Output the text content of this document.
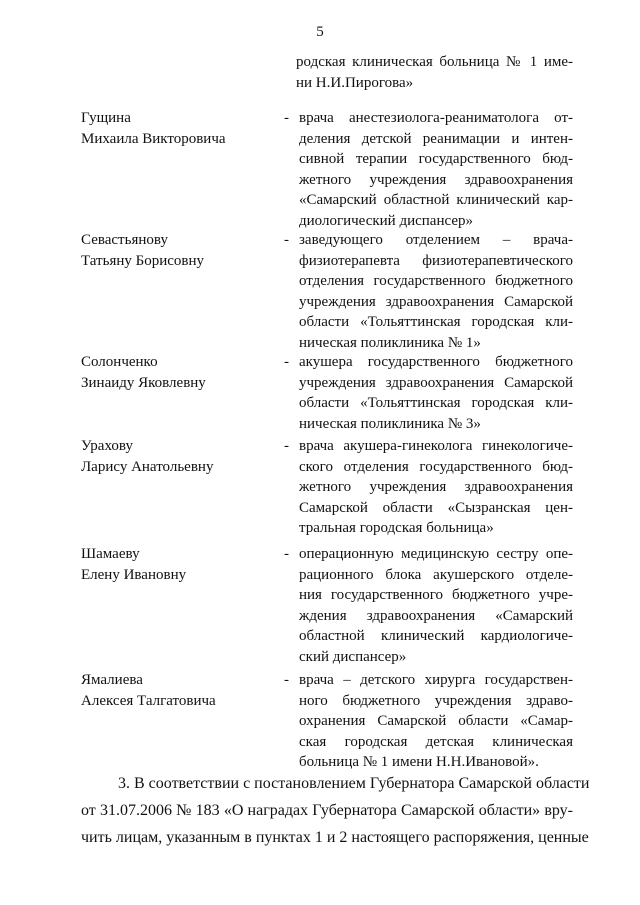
5
родская клиническая больница № 1 име-
ни Н.И.Пирогова»
Гущина
Михаила Викторовича
- врача анестезиолога-реаниматолога от-
деления детской реанимации и интен-
сивной терапии государственного бюд-
жетного учреждения здравоохранения
«Самарский областной клинический кар-
диологический диспансер»
Севастьянову
Татьяну Борисовну
- заведующего отделением – врача-
физиотерапевта физиотерапевтического
отделения государственного бюджетного
учреждения здравоохранения Самарской
области «Тольяттинская городская кли-
ническая поликлиника № 1»
Солонченко
Зинаиду Яковлевну
- акушера государственного бюджетного
учреждения здравоохранения Самарской
области «Тольяттинская городская кли-
ническая поликлиника № 3»
Урахову
Ларису Анатольевну
- врача акушера-гинеколога гинекологиче-
ского отделения государственного бюд-
жетного учреждения здравоохранения
Самарской области «Сызранская цен-
тральная городская больница»
Шамаеву
Елену Ивановну
- операционную медицинскую сестру опе-
рационного блока акушерского отделе-
ния государственного бюджетного учре-
ждения здравоохранения «Самарский
областной клинический кардиологиче-
ский диспансер»
Ямалиева
Алексея Талгатовича
- врача – детского хирурга государствен-
ного бюджетного учреждения здраво-
охранения Самарской области «Самар-
ская городская детская клиническая
больница № 1 имени Н.Н.Ивановой».
3. В соответствии с постановлением Губернатора Самарской области
от 31.07.2006 № 183 «О наградах Губернатора Самарской области» вру-
чить лицам, указанным в пунктах 1 и 2 настоящего распоряжения, ценные
